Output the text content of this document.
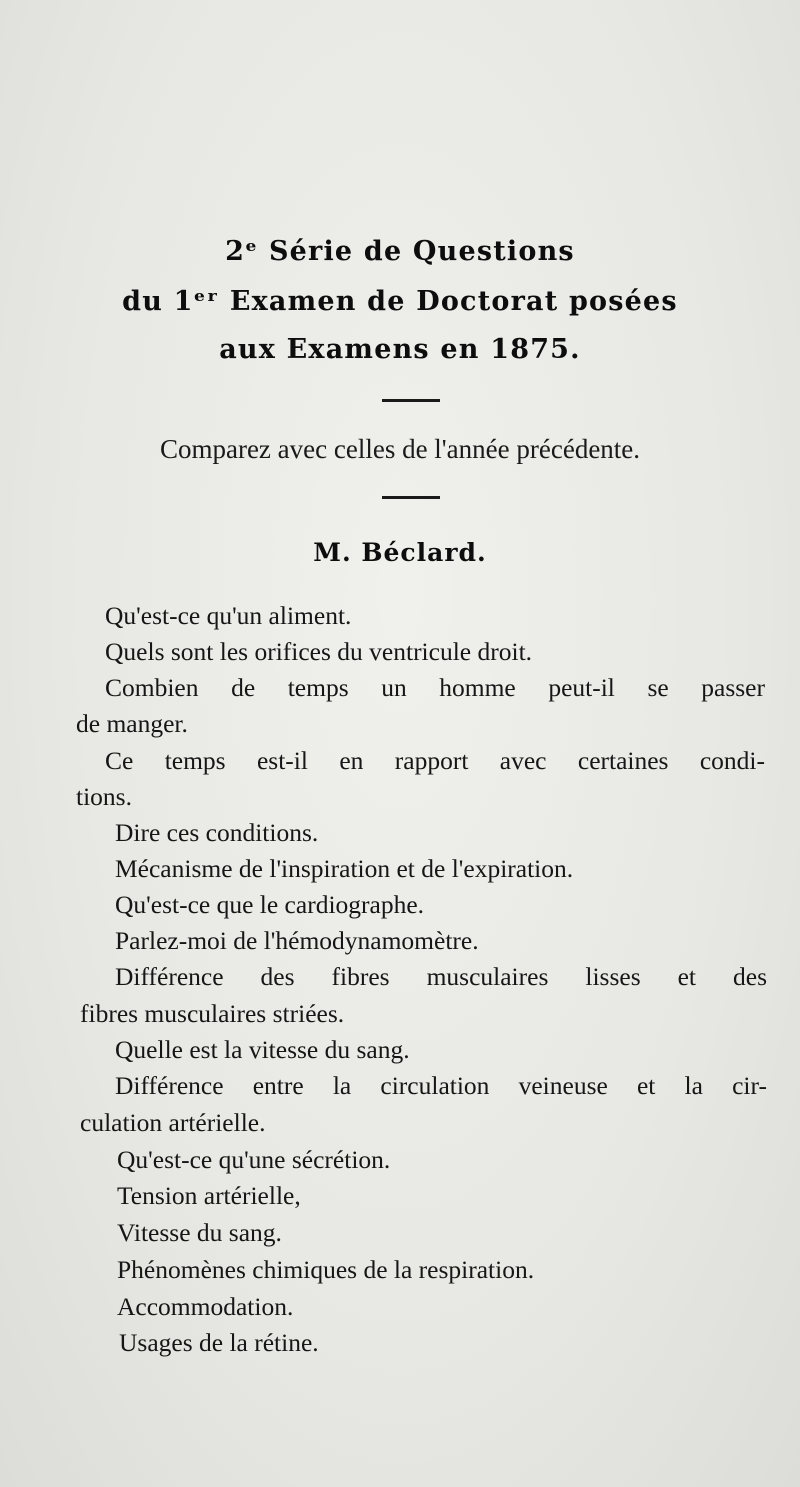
2ᵉ Série de Questions
du 1ᵉʳ Examen de Doctorat posées
aux Examens en 1875.
Comparez avec celles de l'année précédente.
M. Béclard.
Qu'est-ce qu'un aliment.
Quels sont les orifices du ventricule droit.
Combien de temps un homme peut-il se passer
de manger.
Ce temps est-il en rapport avec certaines condi-
tions.
Dire ces conditions.
Mécanisme de l'inspiration et de l'expiration.
Qu'est-ce que le cardiographe.
Parlez-moi de l'hémodynamomètre.
Différence des fibres musculaires lisses et des
fibres musculaires striées.
Quelle est la vitesse du sang.
Différence entre la circulation veineuse et la cir-
culation artérielle.
Qu'est-ce qu'une sécrétion.
Tension artérielle,
Vitesse du sang.
Phénomènes chimiques de la respiration.
Accommodation.
Usages de la rétine.
